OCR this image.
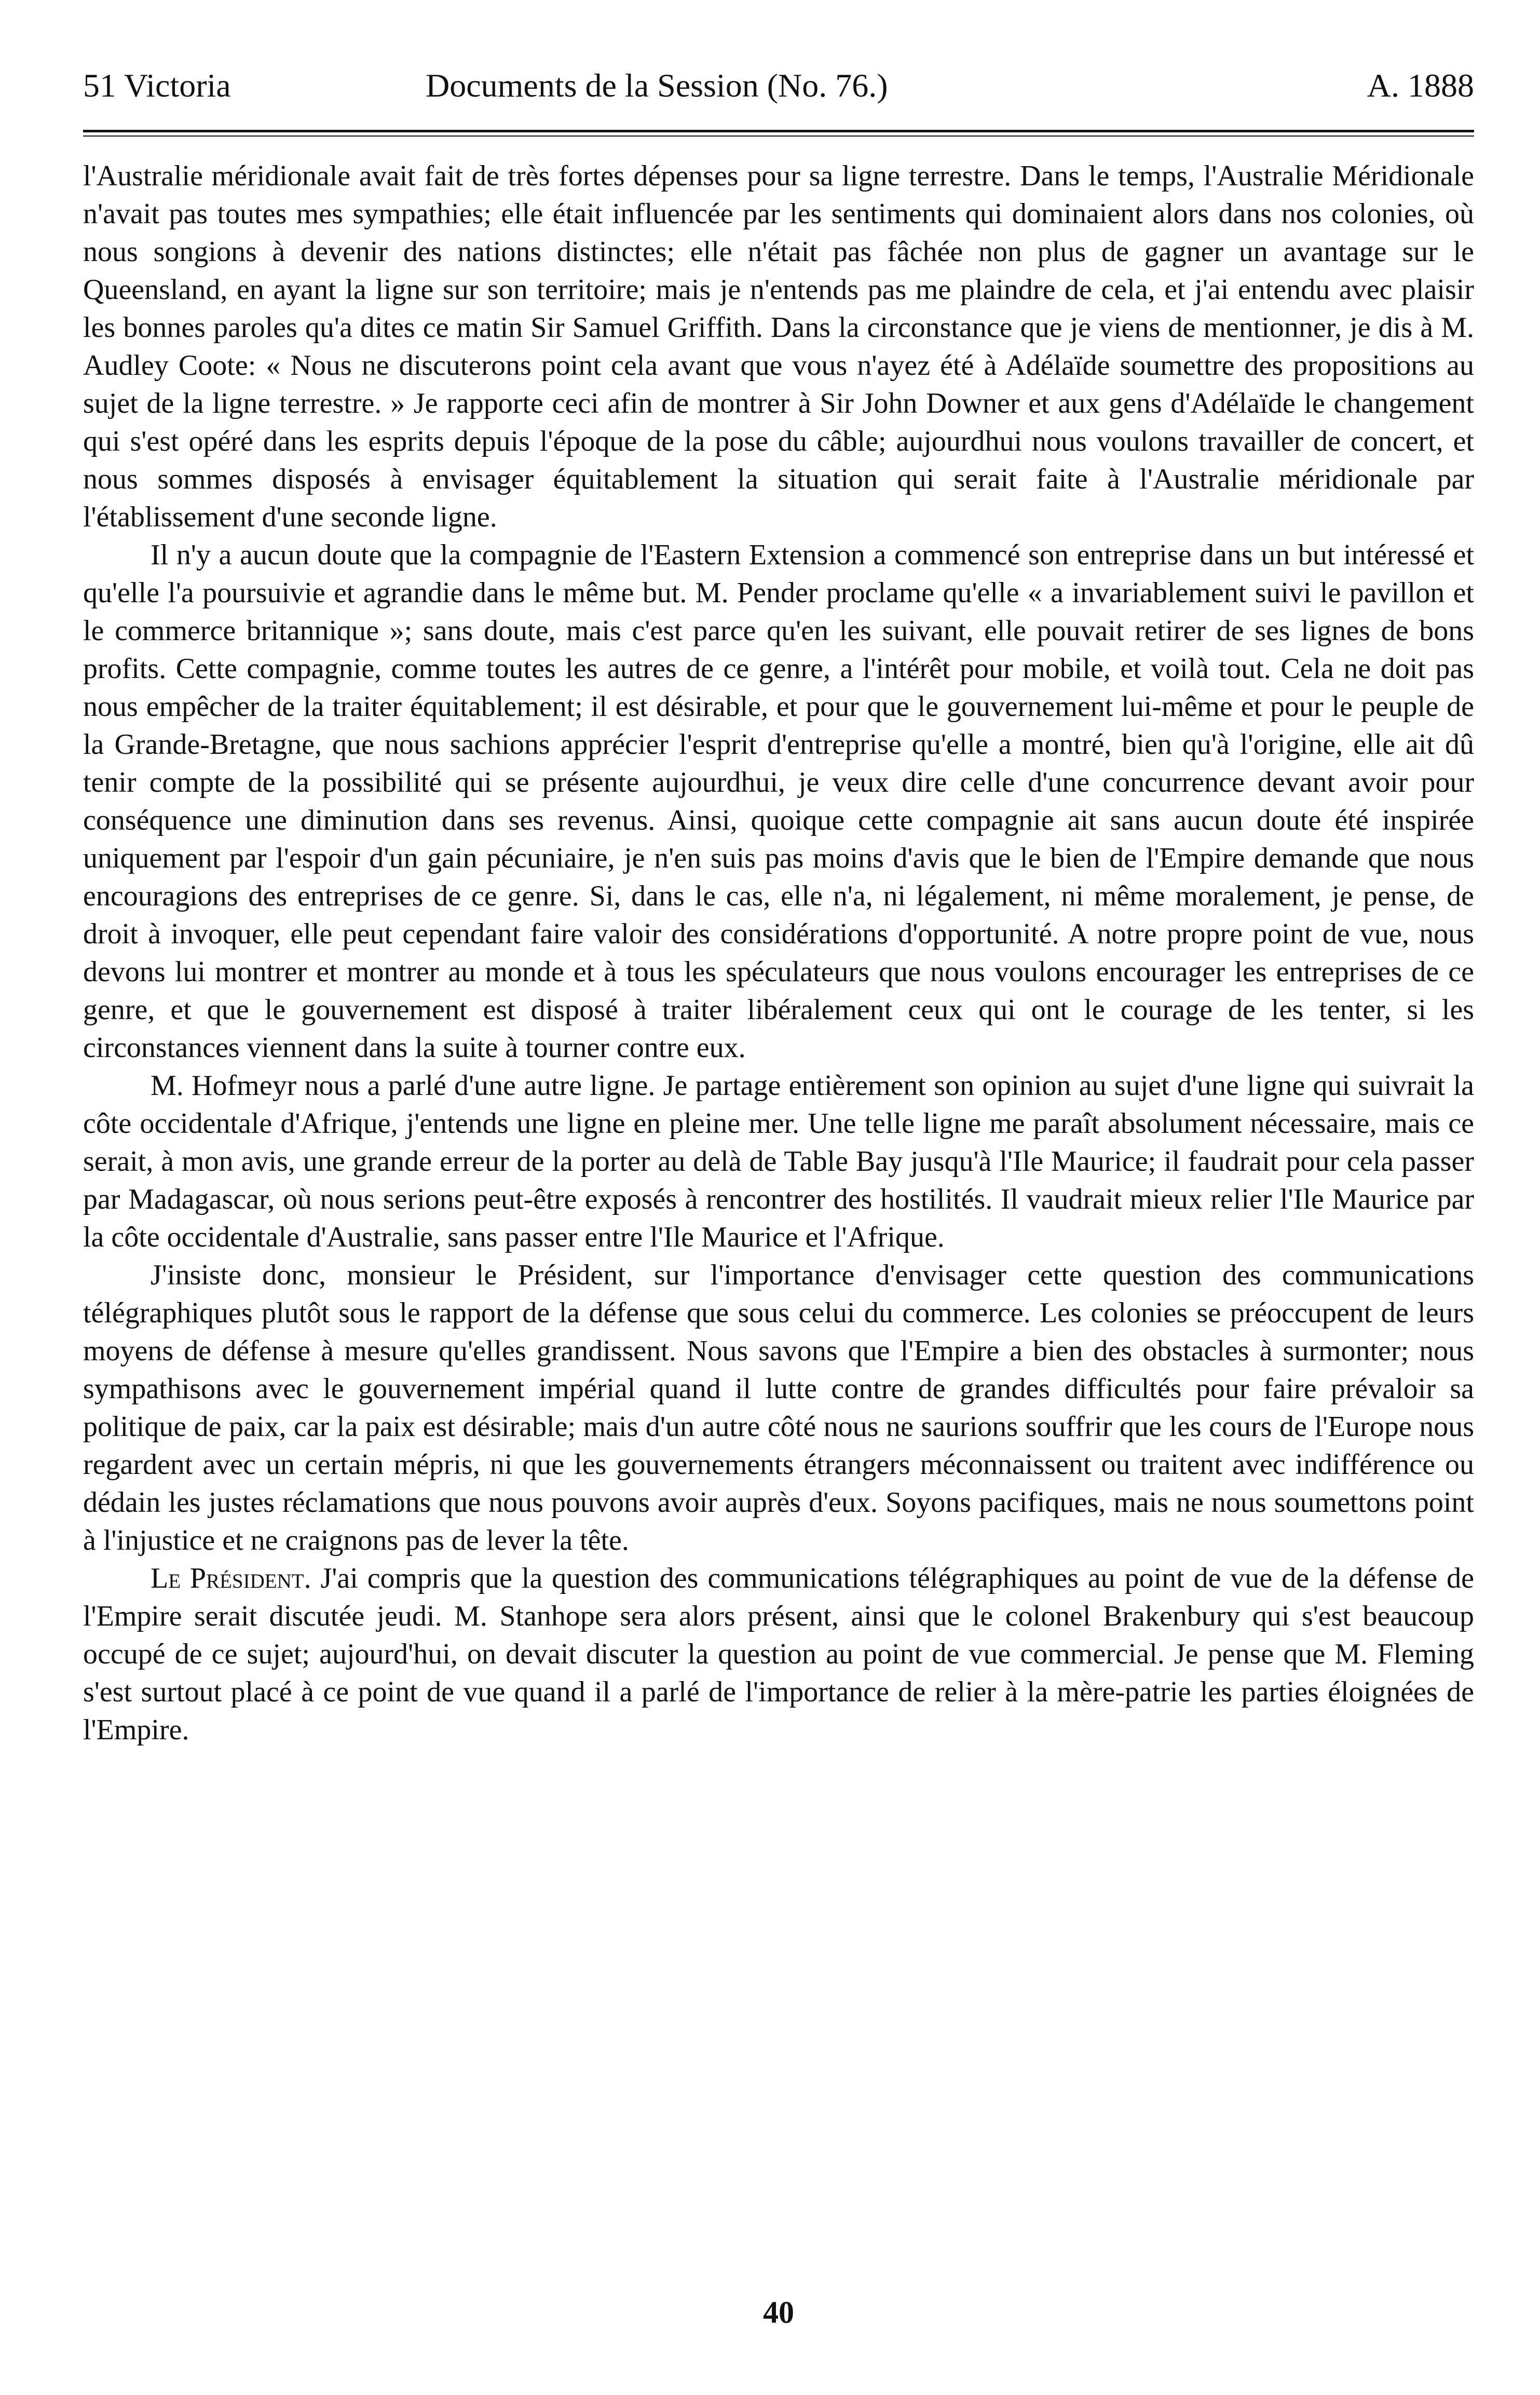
51 Victoria	Documents de la Session (No. 76.)	A. 1888

l'Australie méridionale avait fait de très fortes dépenses pour sa ligne terrestre. Dans le temps, l'Australie Méridionale n'avait pas toutes mes sympathies; elle était influencée par les sentiments qui dominaient alors dans nos colonies, où nous songions à devenir des nations distinctes; elle n'était pas fâchée non plus de gagner un avantage sur le Queensland, en ayant la ligne sur son territoire; mais je n'entends pas me plaindre de cela, et j'ai entendu avec plaisir les bonnes paroles qu'a dites ce matin Sir Samuel Griffith. Dans la circonstance que je viens de mentionner, je dis à M. Audley Coote: « Nous ne discuterons point cela avant que vous n'ayez été à Adélaïde soumettre des propositions au sujet de la ligne terrestre. » Je rapporte ceci afin de montrer à Sir John Downer et aux gens d'Adélaïde le changement qui s'est opéré dans les esprits depuis l'époque de la pose du câble; aujourdhui nous voulons travailler de concert, et nous sommes disposés à envisager équitablement la situation qui serait faite à l'Australie méridionale par l'établissement d'une seconde ligne.

Il n'y a aucun doute que la compagnie de l'Eastern Extension a commencé son entreprise dans un but intéressé et qu'elle l'a poursuivie et agrandie dans le même but. M. Pender proclame qu'elle « a invariablement suivi le pavillon et le commerce britannique »; sans doute, mais c'est parce qu'en les suivant, elle pouvait retirer de ses lignes de bons profits. Cette compagnie, comme toutes les autres de ce genre, a l'intérêt pour mobile, et voilà tout. Cela ne doit pas nous empêcher de la traiter équitablement; il est désirable, et pour que le gouvernement lui-même et pour le peuple de la Grande-Bretagne, que nous sachions apprécier l'esprit d'entreprise qu'elle a montré, bien qu'à l'origine, elle ait dû tenir compte de la possibilité qui se présente aujourdhui, je veux dire celle d'une concurrence devant avoir pour conséquence une diminution dans ses revenus. Ainsi, quoique cette compagnie ait sans aucun doute été inspirée uniquement par l'espoir d'un gain pécuniaire, je n'en suis pas moins d'avis que le bien de l'Empire demande que nous encouragions des entreprises de ce genre. Si, dans le cas, elle n'a, ni légalement, ni même moralement, je pense, de droit à invoquer, elle peut cependant faire valoir des considérations d'opportunité. A notre propre point de vue, nous devons lui montrer et montrer au monde et à tous les spéculateurs que nous voulons encourager les entreprises de ce genre, et que le gouvernement est disposé à traiter libéralement ceux qui ont le courage de les tenter, si les circonstances viennent dans la suite à tourner contre eux.

M. Hofmeyr nous a parlé d'une autre ligne. Je partage entièrement son opinion au sujet d'une ligne qui suivrait la côte occidentale d'Afrique, j'entends une ligne en pleine mer. Une telle ligne me paraît absolument nécessaire, mais ce serait, à mon avis, une grande erreur de la porter au delà de Table Bay jusqu'à l'Ile Maurice; il faudrait pour cela passer par Madagascar, où nous serions peut-être exposés à rencontrer des hostilités. Il vaudrait mieux relier l'Ile Maurice par la côte occidentale d'Australie, sans passer entre l'Ile Maurice et l'Afrique.

J'insiste donc, monsieur le Président, sur l'importance d'envisager cette question des communications télégraphiques plutôt sous le rapport de la défense que sous celui du commerce. Les colonies se préoccupent de leurs moyens de défense à mesure qu'elles grandissent. Nous savons que l'Empire a bien des obstacles à surmonter; nous sympathisons avec le gouvernement impérial quand il lutte contre de grandes difficultés pour faire prévaloir sa politique de paix, car la paix est désirable; mais d'un autre côté nous ne saurions souffrir que les cours de l'Europe nous regardent avec un certain mépris, ni que les gouvernements étrangers méconnaissent ou traitent avec indifférence ou dédain les justes réclamations que nous pouvons avoir auprès d'eux. Soyons pacifiques, mais ne nous soumettons point à l'injustice et ne craignons pas de lever la tête.

Le Président. J'ai compris que la question des communications télégraphiques au point de vue de la défense de l'Empire serait discutée jeudi. M. Stanhope sera alors présent, ainsi que le colonel Brakenbury qui s'est beaucoup occupé de ce sujet; aujourd'hui, on devait discuter la question au point de vue commercial. Je pense que M. Fleming s'est surtout placé à ce point de vue quand il a parlé de l'importance de relier à la mère-patrie les parties éloignées de l'Empire.

40
